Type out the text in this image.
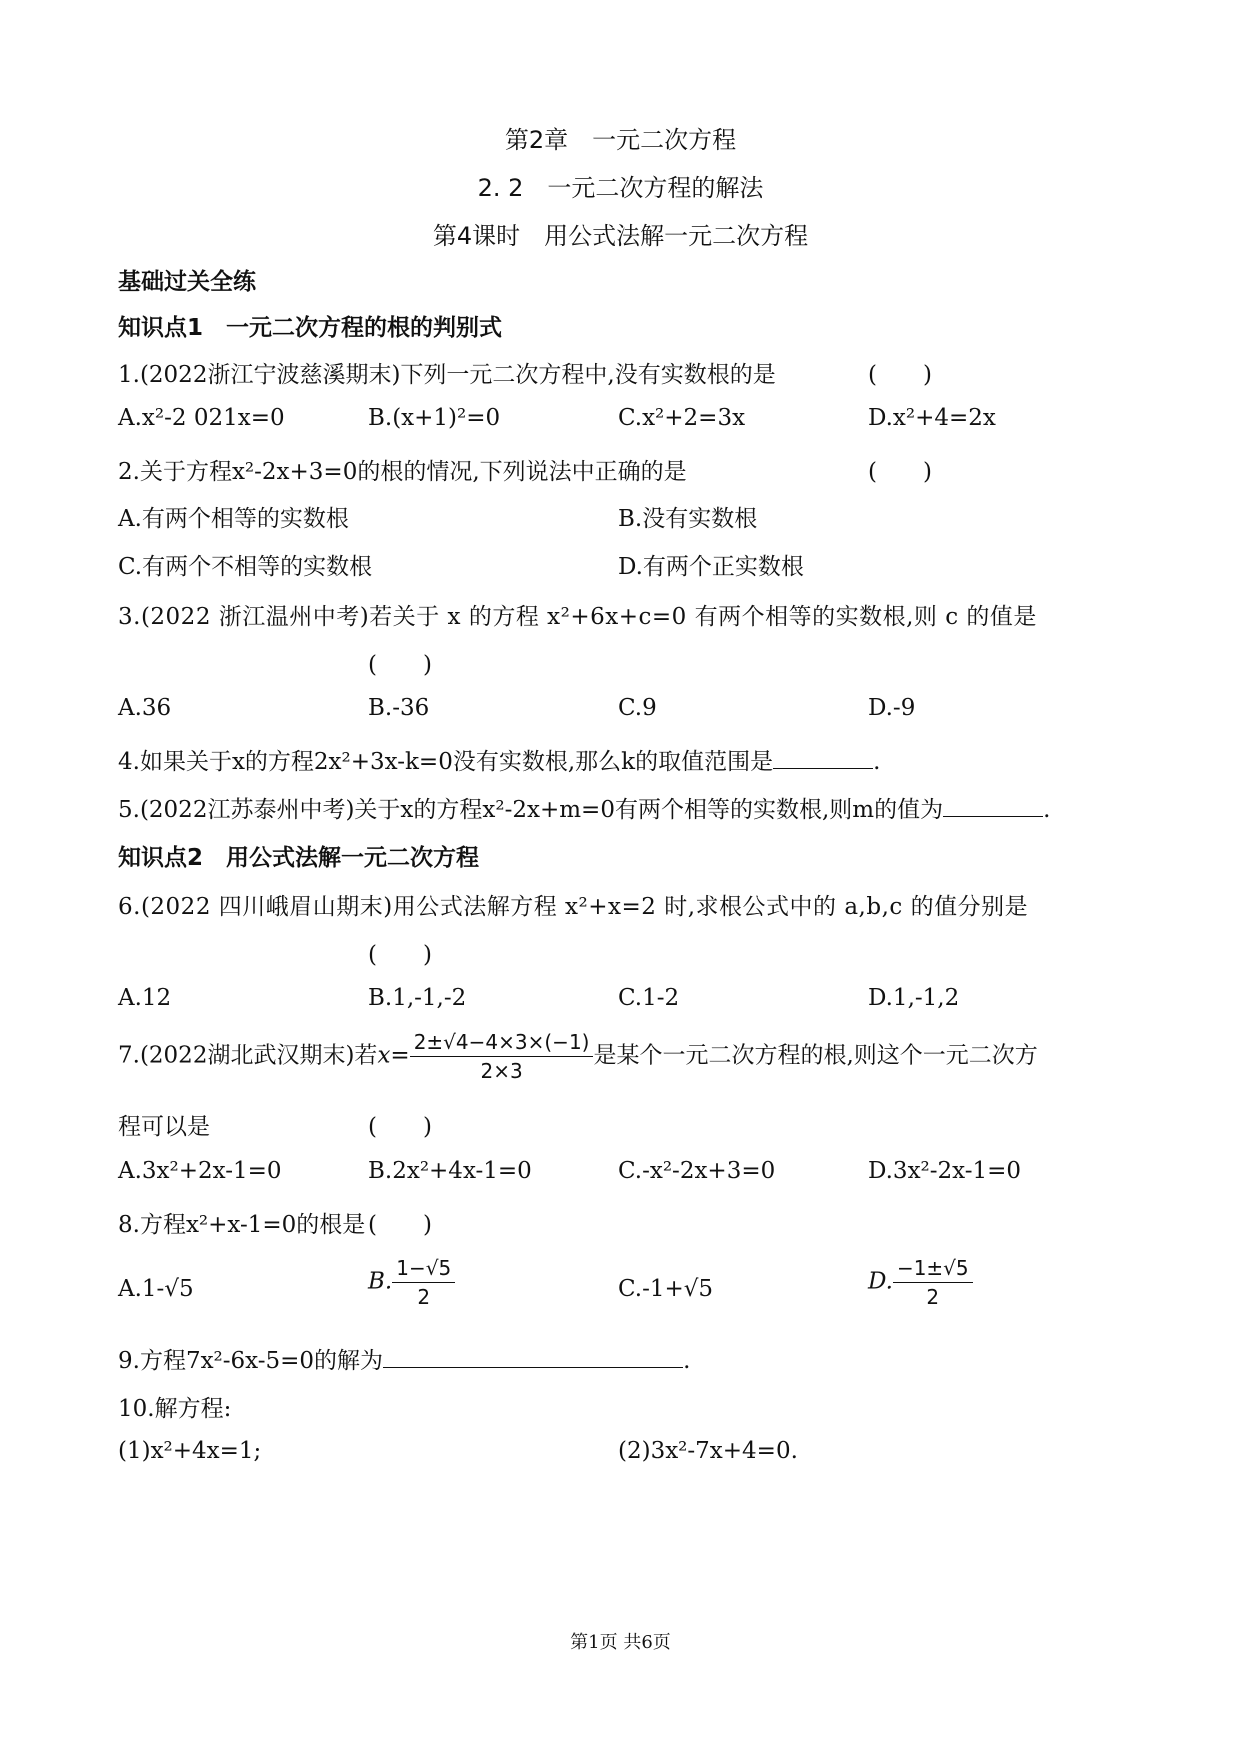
第2章　一元二次方程
2. 2　一元二次方程的解法
第4课时　用公式法解一元二次方程
基础过关全练
知识点1　一元二次方程的根的判别式
1.(2022浙江宁波慈溪期末)下列一元二次方程中,没有实数根的是	(　　)
A.x²-2 021x=0	B.(x+1)²=0	C.x²+2=3x	D.x²+4=2x
2.关于方程x²-2x+3=0的根的情况,下列说法中正确的是	(　　)
A.有两个相等的实数根	B.没有实数根
C.有两个不相等的实数根	D.有两个正实数根
3.(2022 浙江温州中考)若关于 x 的方程 x²+6x+c=0 有两个相等的实数根,则 c 的值是
(　　)
A.36	B.-36	C.9	D.-9
4.如果关于x的方程2x²+3x-k=0没有实数根,那么k的取值范围是	.
5.(2022江苏泰州中考)关于x的方程x²-2x+m=0有两个相等的实数根,则m的值为	.
知识点2　用公式法解一元二次方程
6.(2022 四川峨眉山期末)用公式法解方程 x²+x=2 时,求根公式中的 a,b,c 的值分别是
(　　)
A.12	B.1,-1,-2	C.1-2	D.1,-1,2
7.(2022湖北武汉期末)若$x= \frac{2\pm√4-4\times 3\times(-1)}{2\times 3}$ 是某个一元二次方程的根,则这个一元二次方
程可以是	(　　)
A.3x²+2x-1=0	B.2x²+4x-1=0	C.-x²-2x+3=0	D.3x²-2x-1=0
8.方程x²+x-1=0的根是 (　　)
A.1-√5	B. $\frac{1-√5}{2}$	C.-1+√5	D. $\frac{-1\pm√5}{2}$
9.方程7x²-6x-5=0的解为	.
10.解方程:
(1)x²+4x=1;	(2)3x²-7x+4=0.
第1页 共6页
